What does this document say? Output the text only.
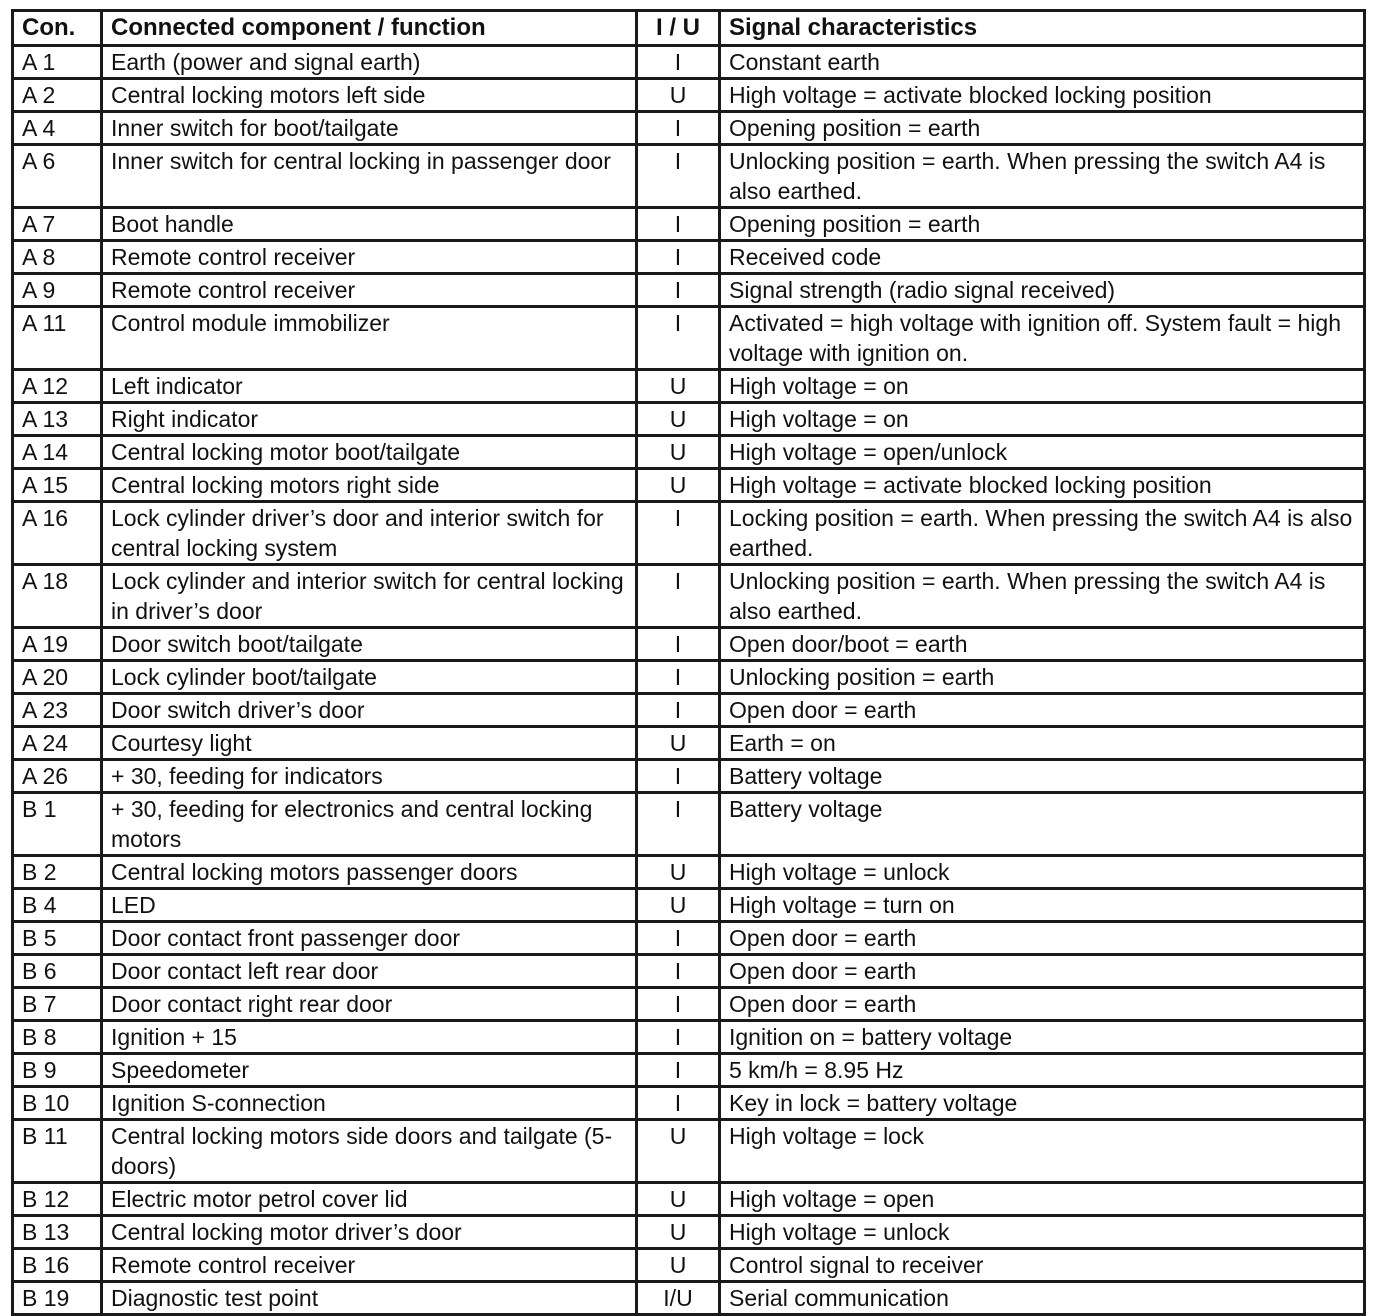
Con.	Connected component / function	I / U	Signal characteristics
A 1	Earth (power and signal earth)	I	Constant earth
A 2	Central locking motors left side	U	High voltage = activate blocked locking position
A 4	Inner switch for boot/tailgate	I	Opening position = earth
A 6	Inner switch for central locking in passenger door	I	Unlocking position = earth. When pressing the switch A4 is also earthed.
A 7	Boot handle	I	Opening position = earth
A 8	Remote control receiver	I	Received code
A 9	Remote control receiver	I	Signal strength (radio signal received)
A 11	Control module immobilizer	I	Activated = high voltage with ignition off. System fault = high voltage with ignition on.
A 12	Left indicator	U	High voltage = on
A 13	Right indicator	U	High voltage = on
A 14	Central locking motor boot/tailgate	U	High voltage = open/unlock
A 15	Central locking motors right side	U	High voltage = activate blocked locking position
A 16	Lock cylinder driver’s door and interior switch for central locking system	I	Locking position = earth. When pressing the switch A4 is also earthed.
A 18	Lock cylinder and interior switch for central locking in driver’s door	I	Unlocking position = earth. When pressing the switch A4 is also earthed.
A 19	Door switch boot/tailgate	I	Open door/boot = earth
A 20	Lock cylinder boot/tailgate	I	Unlocking position = earth
A 23	Door switch driver’s door	I	Open door = earth
A 24	Courtesy light	U	Earth = on
A 26	+ 30, feeding for indicators	I	Battery voltage
B 1	+ 30, feeding for electronics and central locking motors	I	Battery voltage
B 2	Central locking motors passenger doors	U	High voltage = unlock
B 4	LED	U	High voltage = turn on
B 5	Door contact front passenger door	I	Open door = earth
B 6	Door contact left rear door	I	Open door = earth
B 7	Door contact right rear door	I	Open door = earth
B 8	Ignition + 15	I	Ignition on = battery voltage
B 9	Speedometer	I	5 km/h = 8.95 Hz
B 10	Ignition S-connection	I	Key in lock = battery voltage
B 11	Central locking motors side doors and tailgate (5-doors)	U	High voltage = lock
B 12	Electric motor petrol cover lid	U	High voltage = open
B 13	Central locking motor driver’s door	U	High voltage = unlock
B 16	Remote control receiver	U	Control signal to receiver
B 19	Diagnostic test point	I/U	Serial communication
